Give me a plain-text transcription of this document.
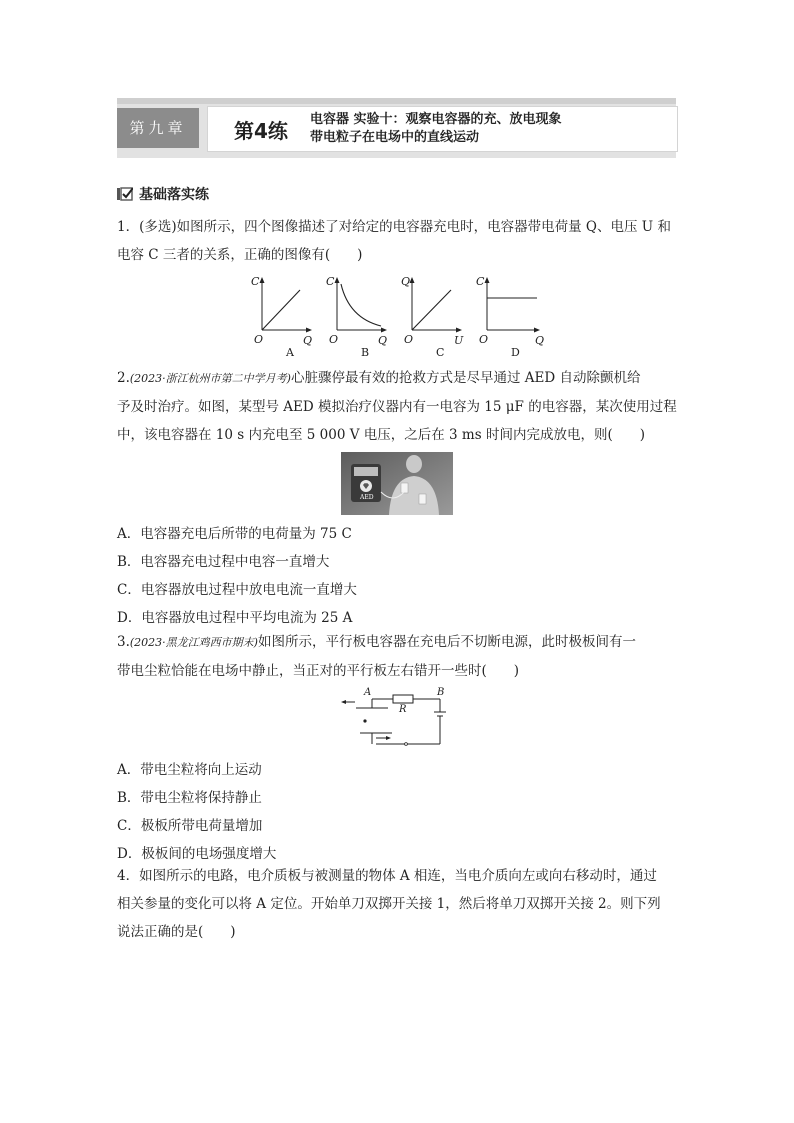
第九章	第4练 电容器 实验十：观察电容器的充、放电现象
带电粒子在电场中的直线运动
基础落实练
1．(多选)如图所示，四个图像描述了对给定的电容器充电时，电容器带电荷量 Q、电压 U 和
电容 C 三者的关系，正确的图像有(　　)
C
Q
O
A
C
Q
O
B
Q
U
O
C
C
Q
O
D
2.(2023·浙江杭州市第二中学月考)心脏骤停最有效的抢救方式是尽早通过 AED 自动除颤机给
予及时治疗。如图，某型号 AED 模拟治疗仪器内有一电容为 15 μF 的电容器，某次使用过程
中，该电容器在 10 s 内充电至 5 000 V 电压，之后在 3 ms 时间内完成放电，则(　　)
AED
A．电容器充电后所带的电荷量为 75 C
B．电容器充电过程中电容一直增大
C．电容器放电过程中放电电流一直增大
D．电容器放电过程中平均电流为 25 A
3.(2023·黑龙江鸡西市期末)如图所示，平行板电容器在充电后不切断电源，此时极板间有一
带电尘粒恰能在电场中静止，当正对的平行板左右错开一些时(　　)
A	B
R
A．带电尘粒将向上运动
B．带电尘粒将保持静止
C．极板所带电荷量增加
D．极板间的电场强度增大
4．如图所示的电路，电介质板与被测量的物体 A 相连，当电介质向左或向右移动时，通过
相关参量的变化可以将 A 定位。开始单刀双掷开关接 1，然后将单刀双掷开关接 2。则下列
说法正确的是(　　)
